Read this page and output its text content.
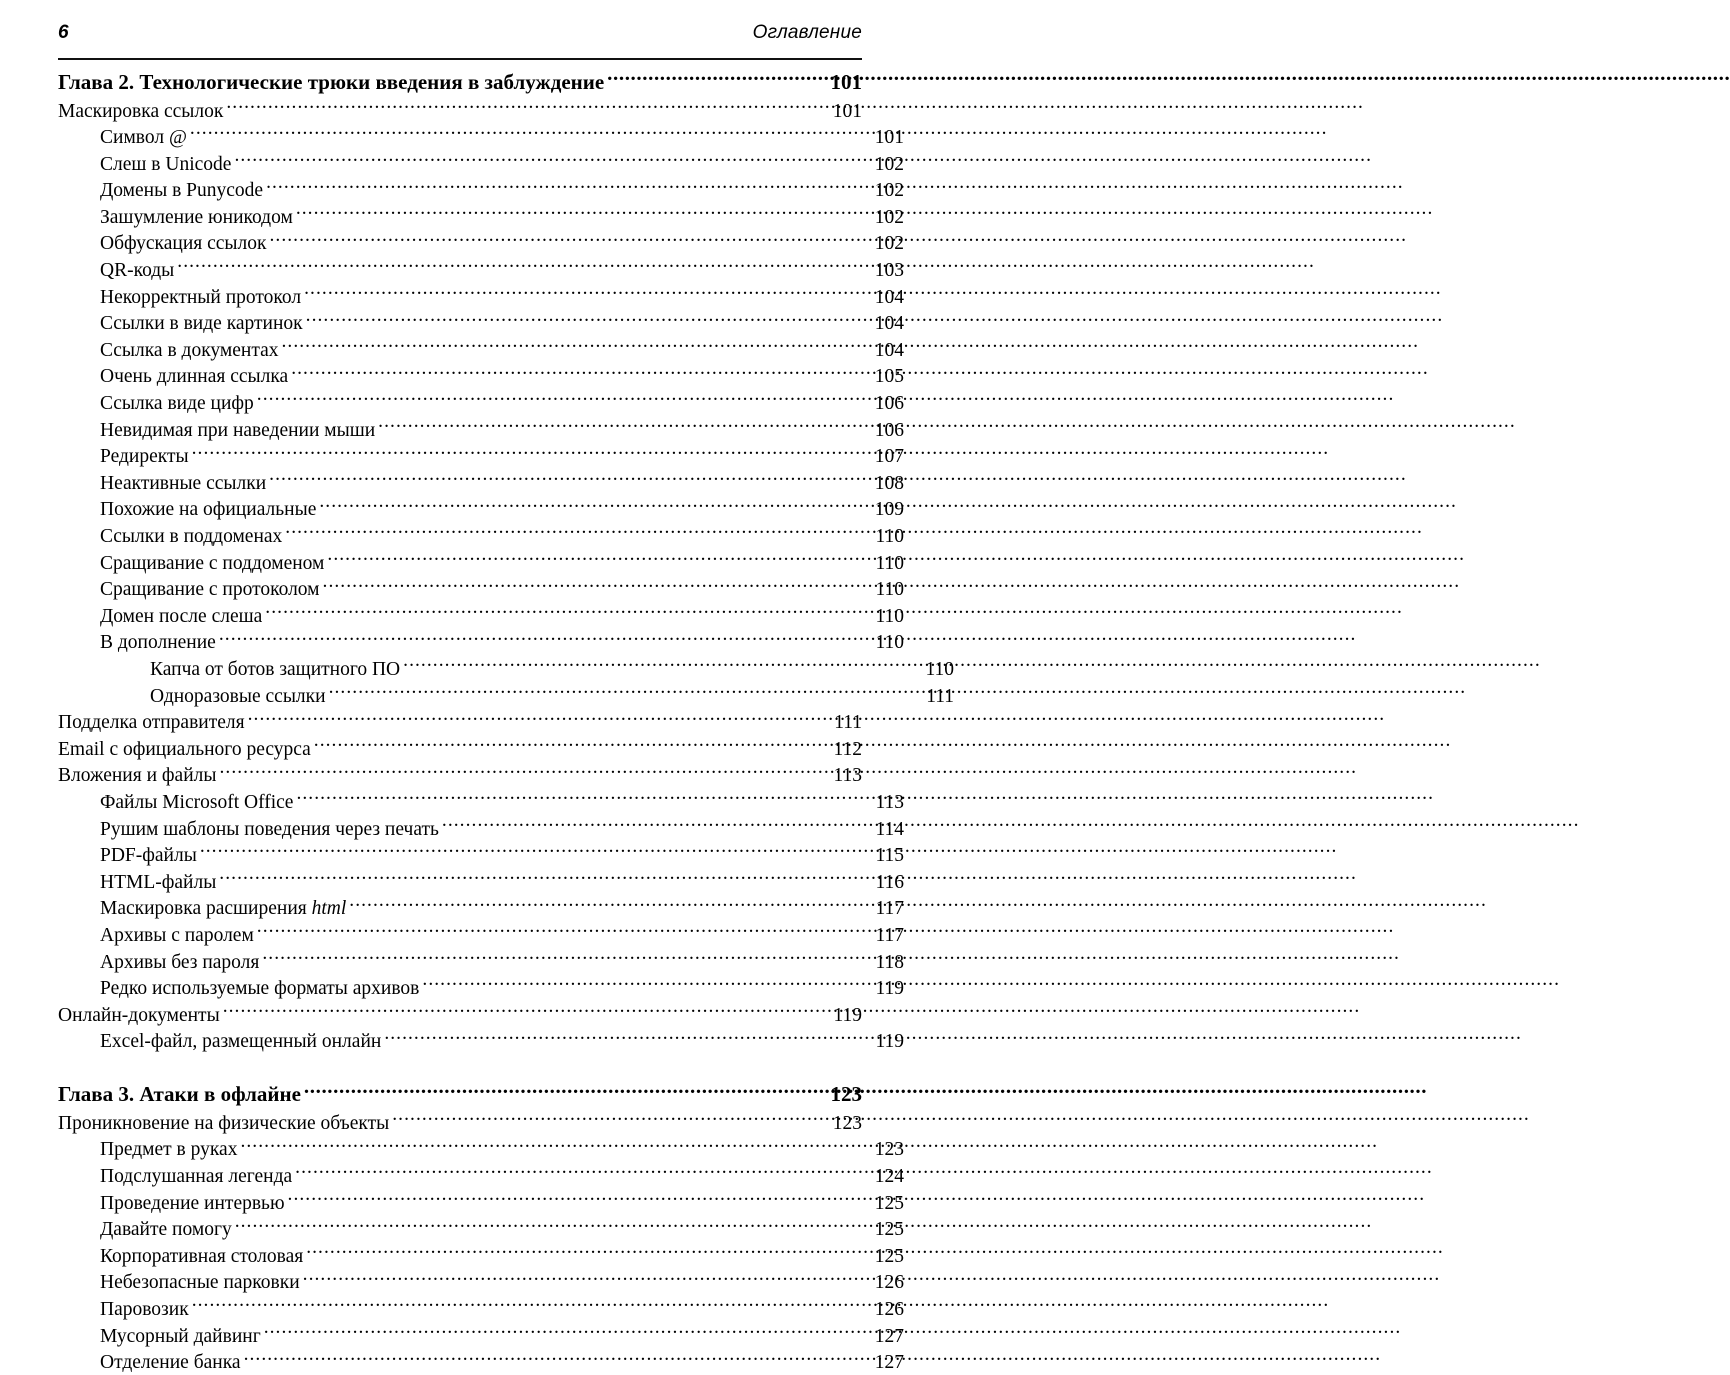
6	Оглавление
Глава 2. Технологические трюки введения в заблуждение .....	101
Маскировка ссылок .....	101
Символ @ .....	101
Слеш в Unicode .....	102
Домены в Punycode .....	102
Зашумление юникодом .....	102
Обфускация ссылок .....	102
QR-коды .....	103
Некорректный протокол .....	104
Ссылки в виде картинок .....	104
Ссылка в документах .....	104
Очень длинная ссылка .....	105
Ссылка виде цифр .....	106
Невидимая при наведении мыши .....	106
Редиректы .....	107
Неактивные ссылки .....	108
Похожие на официальные .....	109
Ссылки в поддоменах .....	110
Сращивание с поддоменом .....	110
Сращивание с протоколом .....	110
Домен после слеша .....	110
В дополнение .....	110
Капча от ботов защитного ПО .....	110
Одноразовые ссылки .....	111
Подделка отправителя .....	111
Email с официального ресурса .....	112
Вложения и файлы .....	113
Файлы Microsoft Office .....	113
Рушим шаблоны поведения через печать .....	114
PDF-файлы .....	115
HTML-файлы .....	116
Маскировка расширения html .....	117
Архивы с паролем .....	117
Архивы без пароля .....	118
Редко используемые форматы архивов .....	119
Онлайн-документы .....	119
Excel-файл, размещенный онлайн .....	119
Глава 3. Атаки в офлайне .....	123
Проникновение на физические объекты .....	123
Предмет в руках .....	123
Подслушанная легенда .....	124
Проведение интервью .....	125
Давайте помогу .....	125
Корпоративная столовая .....	125
Небезопасные парковки .....	126
Паровозик .....	126
Мусорный дайвинг .....	127
Отделение банка .....	127
